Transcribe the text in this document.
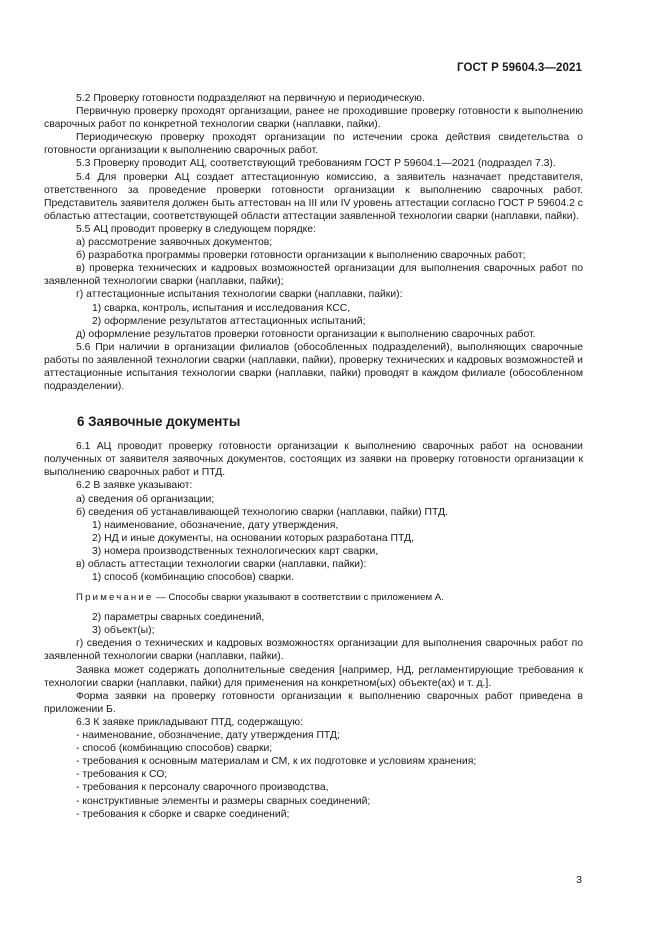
ГОСТ Р 59604.3—2021
5.2 Проверку готовности подразделяют на первичную и периодическую.
Первичную проверку проходят организации, ранее не проходившие проверку готовности к выполнению сварочных работ по конкретной технологии сварки (наплавки, пайки).
Периодическую проверку проходят организации по истечении срока действия свидетельства о готовности организации к выполнению сварочных работ.
5.3 Проверку проводит АЦ, соответствующий требованиям ГОСТ Р 59604.1—2021 (подраздел 7.3).
5.4 Для проверки АЦ создает аттестационную комиссию, а заявитель назначает представителя, ответственного за проведение проверки готовности организации к выполнению сварочных работ. Представитель заявителя должен быть аттестован на III или IV уровень аттестации согласно ГОСТ Р 59604.2 с областью аттестации, соответствующей области аттестации заявленной технологии сварки (наплавки, пайки).
5.5 АЦ проводит проверку в следующем порядке:
а) рассмотрение заявочных документов;
б) разработка программы проверки готовности организации к выполнению сварочных работ;
в) проверка технических и кадровых возможностей организации для выполнения сварочных работ по заявленной технологии сварки (наплавки, пайки);
г) аттестационные испытания технологии сварки (наплавки, пайки):
1) сварка, контроль, испытания и исследования КСС,
2) оформление результатов аттестационных испытаний;
д) оформление результатов проверки готовности организации к выполнению сварочных работ.
5.6 При наличии в организации филиалов (обособленных подразделений), выполняющих сварочные работы по заявленной технологии сварки (наплавки, пайки), проверку технических и кадровых возможностей и аттестационные испытания технологии сварки (наплавки, пайки) проводят в каждом филиале (обособленном подразделении).
6 Заявочные документы
6.1 АЦ проводит проверку готовности организации к выполнению сварочных работ на основании полученных от заявителя заявочных документов, состоящих из заявки на проверку готовности организации к выполнению сварочных работ и ПТД.
6.2 В заявке указывают:
а) сведения об организации;
б) сведения об устанавливающей технологию сварки (наплавки, пайки) ПТД.
1) наименование, обозначение, дату утверждения,
2) НД и иные документы, на основании которых разработана ПТД,
3) номера производственных технологических карт сварки,
в) область аттестации технологии сварки (наплавки, пайки):
1) способ (комбинацию способов) сварки.
Примечание — Способы сварки указывают в соответствии с приложением А.
2) параметры сварных соединений,
3) объект(ы);
г) сведения о технических и кадровых возможностях организации для выполнения сварочных работ по заявленной технологии сварки (наплавки, пайки).
Заявка может содержать дополнительные сведения [например, НД, регламентирующие требования к технологии сварки (наплавки, пайки) для применения на конкретном(ых) объекте(ах) и т. д.].
Форма заявки на проверку готовности организации к выполнению сварочных работ приведена в приложении Б.
6.3 К заявке прикладывают ПТД, содержащую:
- наименование, обозначение, дату утверждения ПТД;
- способ (комбинацию способов) сварки;
- требования к основным материалам и СМ, к их подготовке и условиям хранения;
- требования к СО;
- требования к персоналу сварочного производства,
- конструктивные элементы и размеры сварных соединений;
- требования к сборке и сварке соединений;
3
